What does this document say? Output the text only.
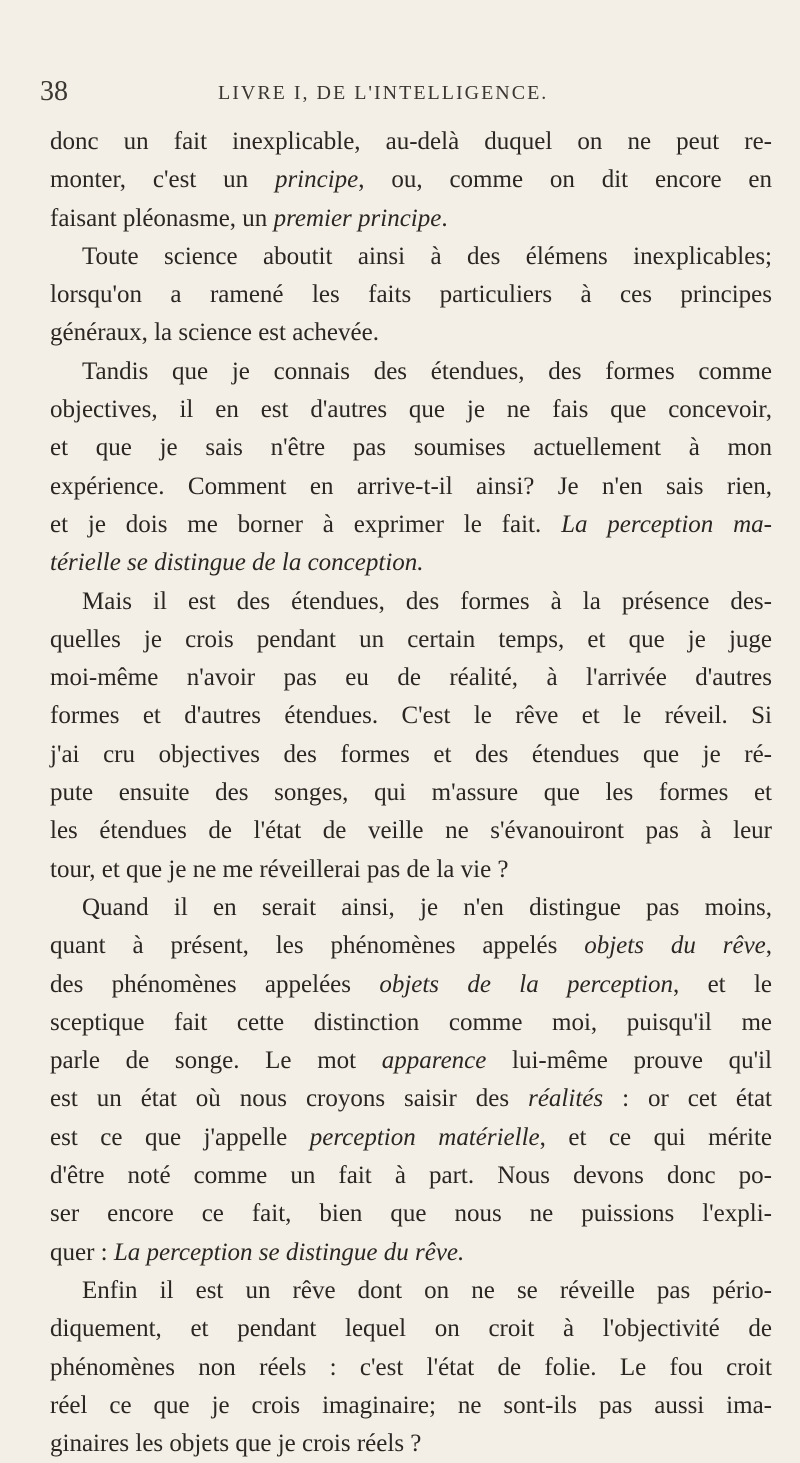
38	LIVRE I, DE L'INTELLIGENCE.
donc un fait inexplicable, au-delà duquel on ne peut re-
monter, c'est un principe, ou, comme on dit encore en
faisant pléonasme, un premier principe.
Toute science aboutit ainsi à des élémens inexplicables;
lorsqu'on a ramené les faits particuliers à ces principes
généraux, la science est achevée.
Tandis que je connais des étendues, des formes comme
objectives, il en est d'autres que je ne fais que concevoir,
et que je sais n'être pas soumises actuellement à mon
expérience. Comment en arrive-t-il ainsi? Je n'en sais rien,
et je dois me borner à exprimer le fait. La perception ma-
térielle se distingue de la conception.
Mais il est des étendues, des formes à la présence des-
quelles je crois pendant un certain temps, et que je juge
moi-même n'avoir pas eu de réalité, à l'arrivée d'autres
formes et d'autres étendues. C'est le rêve et le réveil. Si
j'ai cru objectives des formes et des étendues que je ré-
pute ensuite des songes, qui m'assure que les formes et
les étendues de l'état de veille ne s'évanouiront pas à leur
tour, et que je ne me réveillerai pas de la vie ?
Quand il en serait ainsi, je n'en distingue pas moins,
quant à présent, les phénomènes appelés objets du rêve,
des phénomènes appelées objets de la perception, et le
sceptique fait cette distinction comme moi, puisqu'il me
parle de songe. Le mot apparence lui-même prouve qu'il
est un état où nous croyons saisir des réalités : or cet état
est ce que j'appelle perception matérielle, et ce qui mérite
d'être noté comme un fait à part. Nous devons donc po-
ser encore ce fait, bien que nous ne puissions l'expli-
quer : La perception se distingue du rêve.
Enfin il est un rêve dont on ne se réveille pas pério-
diquement, et pendant lequel on croit à l'objectivité de
phénomènes non réels : c'est l'état de folie. Le fou croit
réel ce que je crois imaginaire; ne sont-ils pas aussi ima-
ginaires les objets que je crois réels ?
